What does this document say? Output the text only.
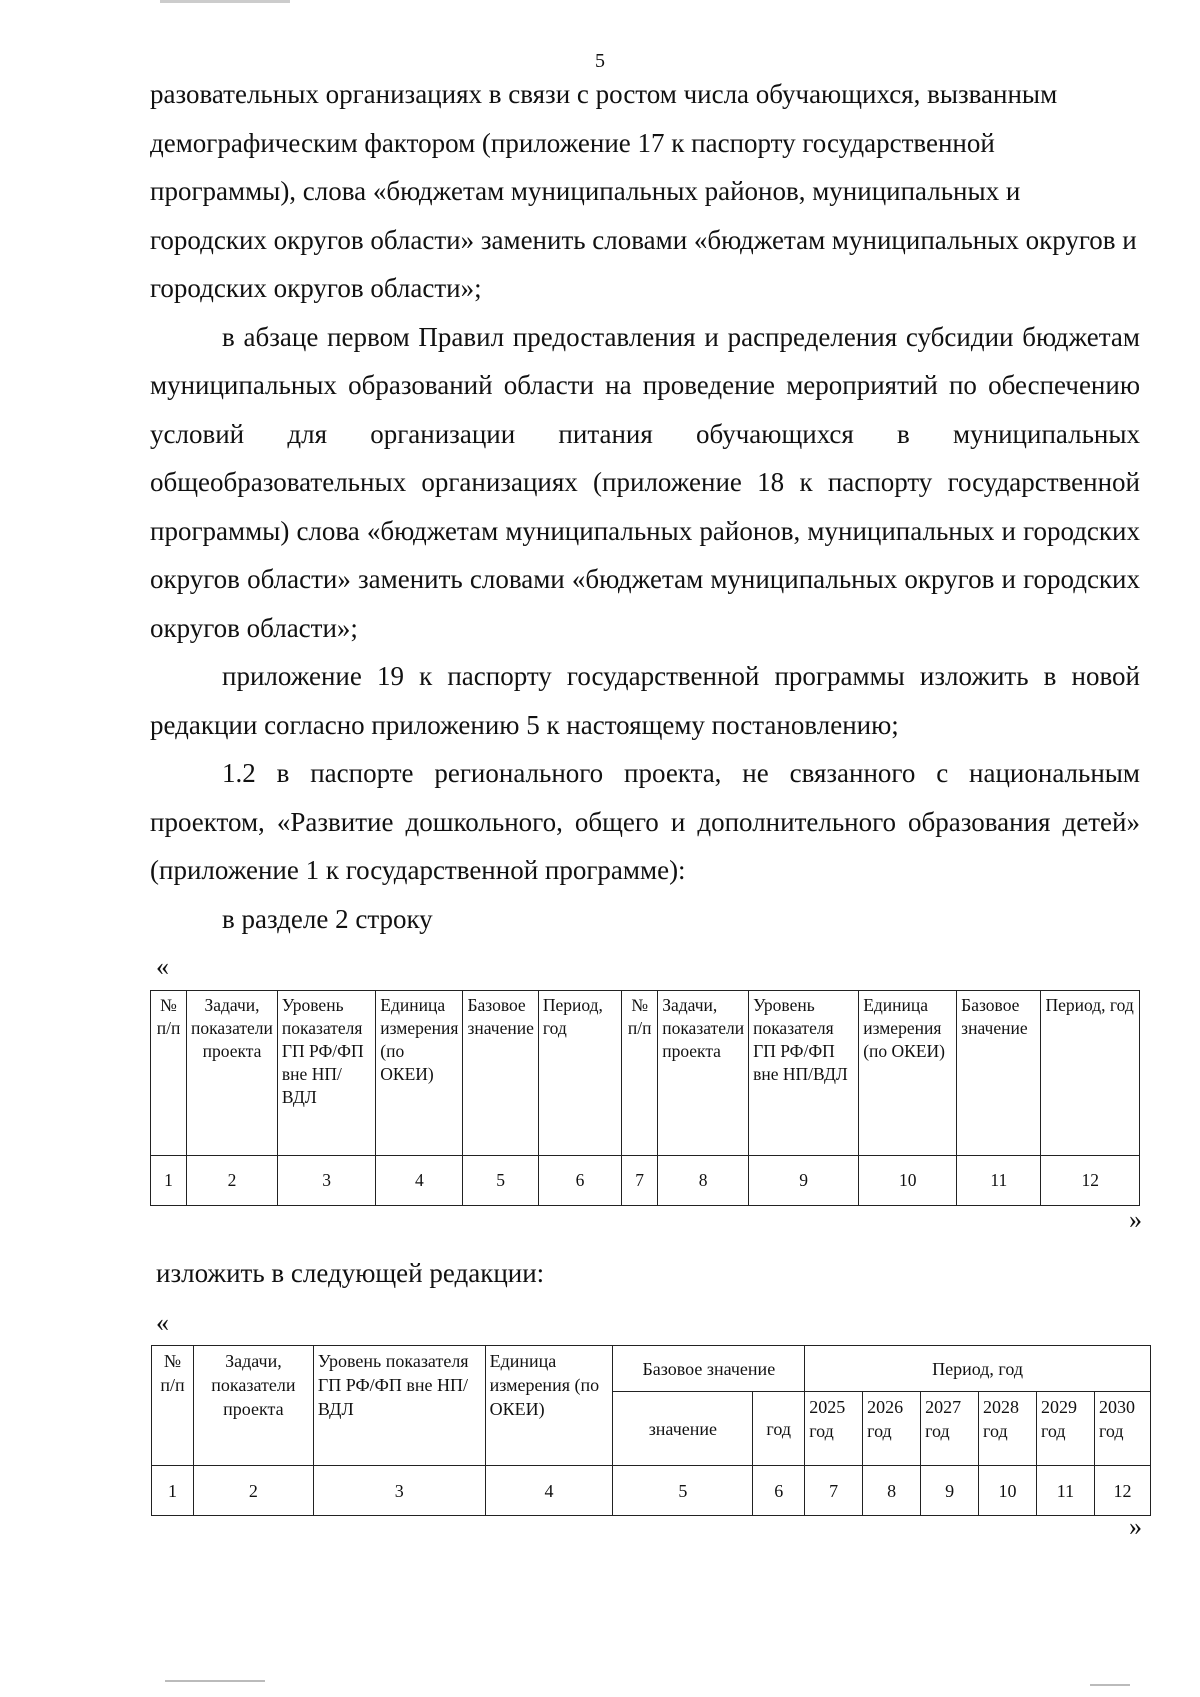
5

разовательных организациях в связи с ростом числа обучающихся, вызванным демографическим фактором (приложение 17 к паспорту государственной программы), слова «бюджетам муниципальных районов, муниципальных и городских округов области» заменить словами «бюджетам муниципальных округов и городских округов области»;

в абзаце первом Правил предоставления и распределения субсидии бюджетам муниципальных образований области на проведение мероприятий по обеспечению условий для организации питания обучающихся в муниципальных общеобразовательных организациях (приложение 18 к паспорту государственной программы) слова «бюджетам муниципальных районов, муниципальных и городских округов области» заменить словами «бюджетам муниципальных округов и городских округов области»;

приложение 19 к паспорту государственной программы изложить в новой редакции согласно приложению 5 к настоящему постановлению;

1.2 в паспорте регионального проекта, не связанного с национальным проектом, «Развитие дошкольного, общего и дополнительного образования детей» (приложение 1 к государственной программе):

в разделе 2 строку

«
№ п/п	Задачи, показатели проекта	Уровень показателя ГП РФ/ФП вне НП/ВДЛ	Единица измерения (по ОКЕИ)	Базовое значение	Период, год	№ п/п	Задачи, показатели проекта	Уровень показателя ГП РФ/ФП вне НП/ВДЛ	Единица измерения (по ОКЕИ)	Базовое значение	Период, год
1	2	3	4	5	6	7	8	9	10	11	12
»
изложить в следующей редакции:
«
№ п/п	Задачи, показатели проекта	Уровень показателя ГП РФ/ФП вне НП/ВДЛ	Единица измерения (по ОКЕИ)	Базовое значение		Период, год					
				значение	год	2025 год	2026 год	2027 год	2028 год	2029 год	2030 год
1	2	3	4	5	6	7	8	9	10	11	12
»
